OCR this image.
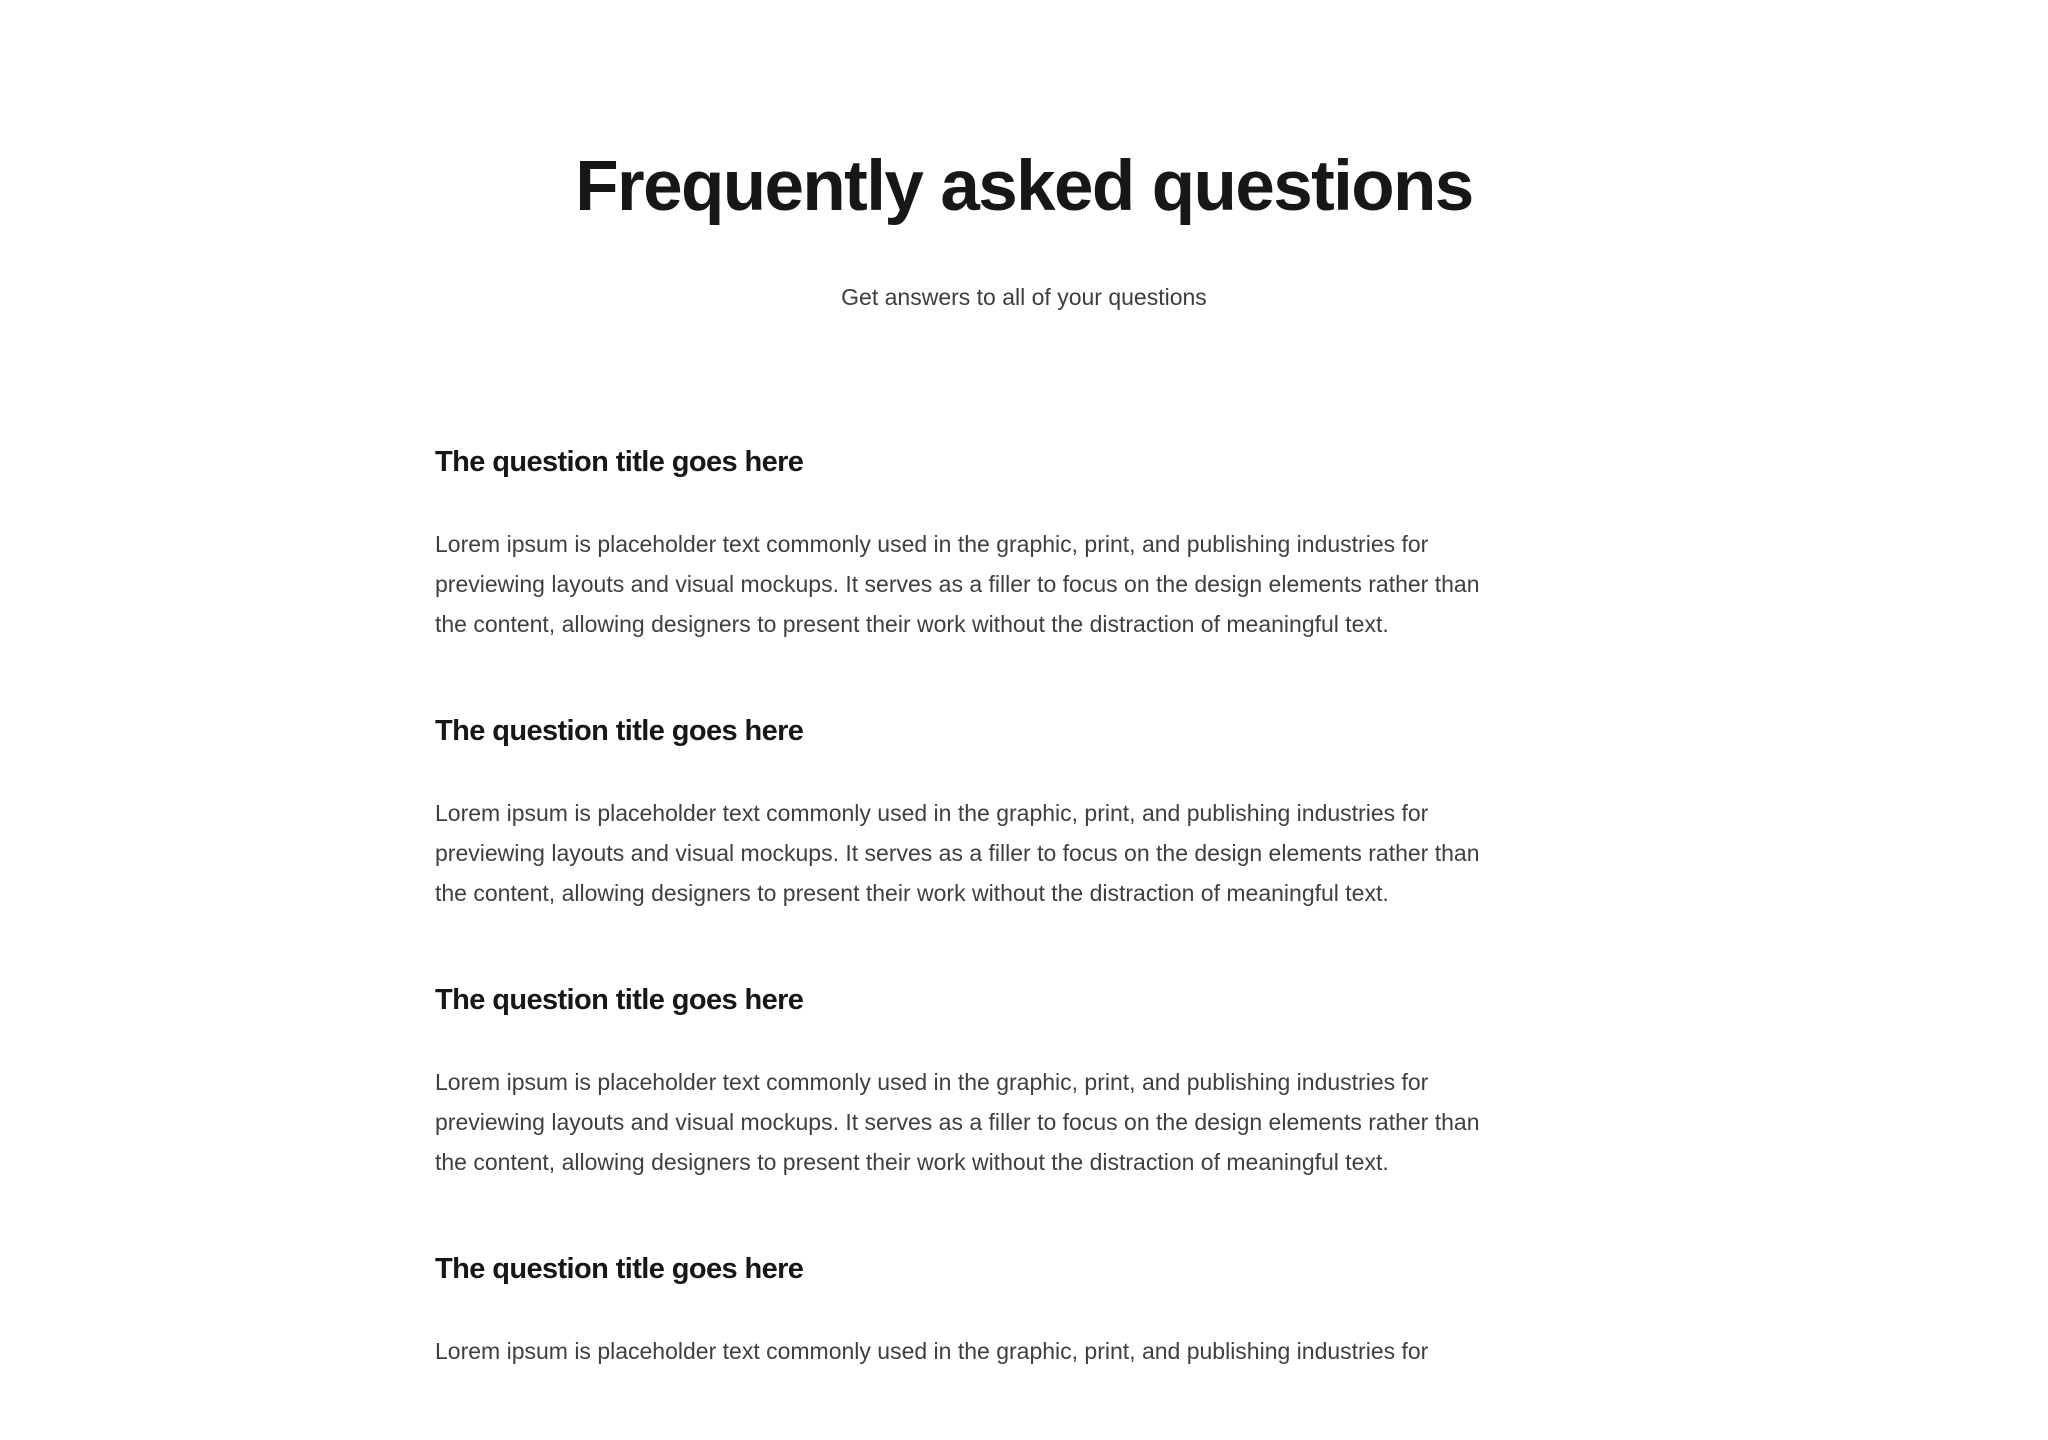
Frequently asked questions

Get answers to all of your questions

The question title goes here

Lorem ipsum is placeholder text commonly used in the graphic, print, and publishing industries for
previewing layouts and visual mockups. It serves as a filler to focus on the design elements rather than
the content, allowing designers to present their work without the distraction of meaningful text.

The question title goes here

Lorem ipsum is placeholder text commonly used in the graphic, print, and publishing industries for
previewing layouts and visual mockups. It serves as a filler to focus on the design elements rather than
the content, allowing designers to present their work without the distraction of meaningful text.

The question title goes here

Lorem ipsum is placeholder text commonly used in the graphic, print, and publishing industries for
previewing layouts and visual mockups. It serves as a filler to focus on the design elements rather than
the content, allowing designers to present their work without the distraction of meaningful text.

The question title goes here

Lorem ipsum is placeholder text commonly used in the graphic, print, and publishing industries for
